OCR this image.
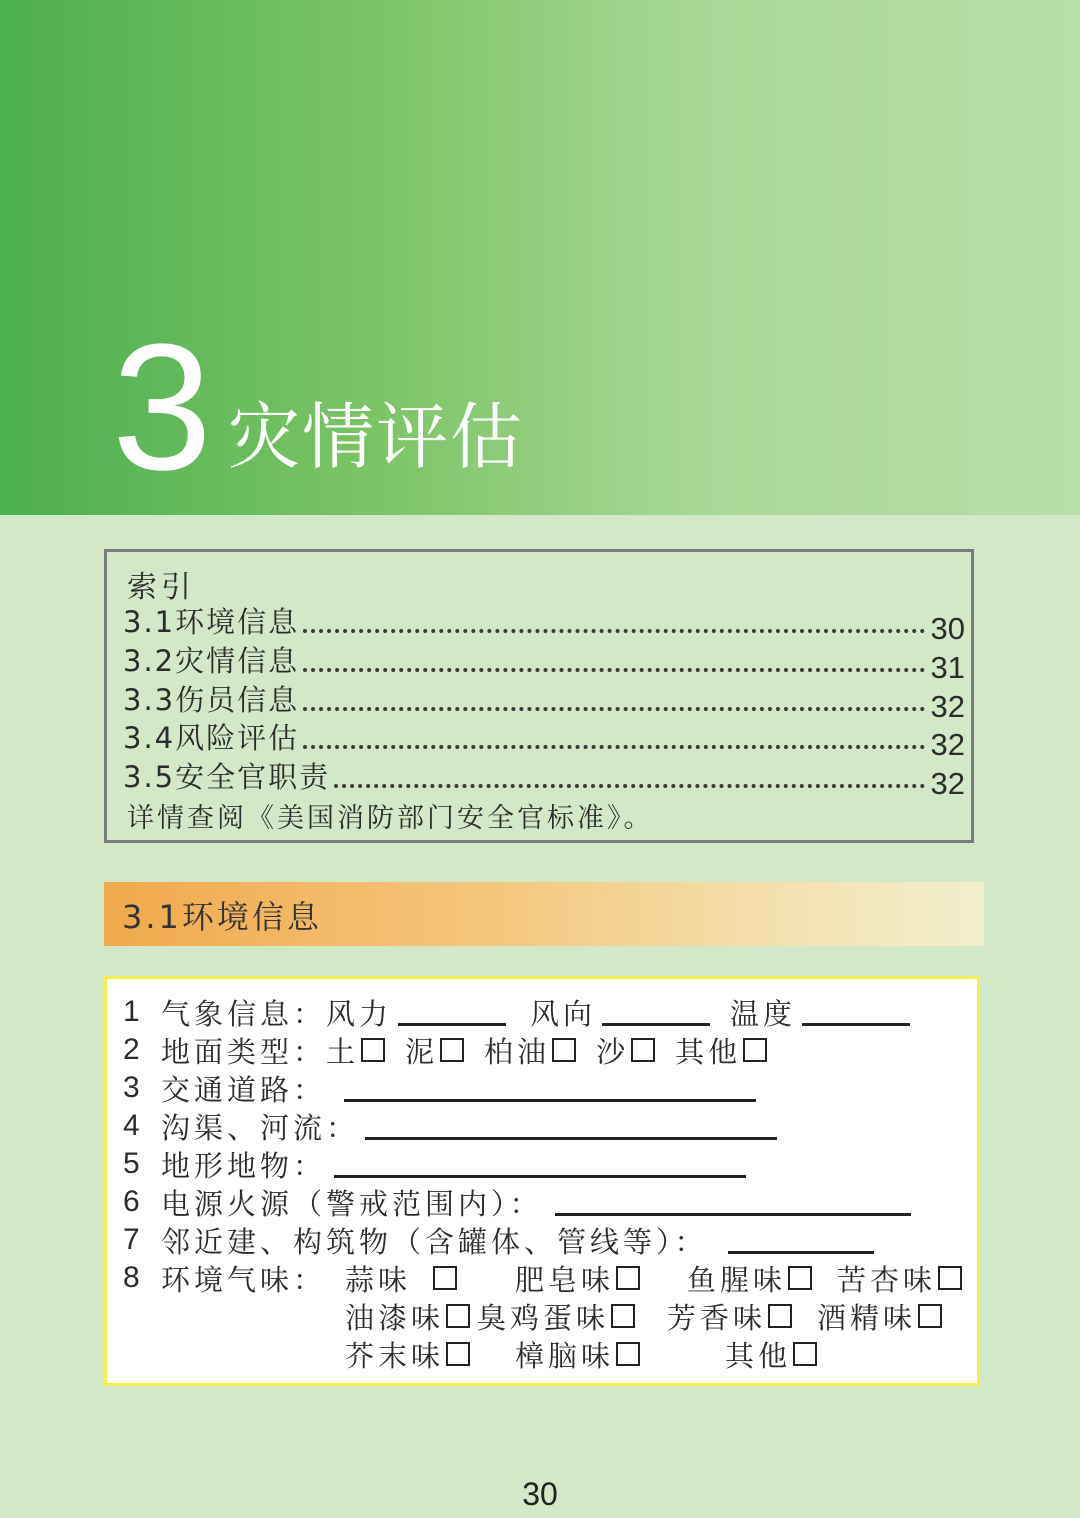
3 灾情评估
索引
3.1环境信息	30
3.2灾情信息	31
3.3伤员信息	32
3.4风险评估	32
3.5安全官职责	32
详情查阅《美国消防部门安全官标准》。
3.1环境信息
1 气象信息： 风力	风向	温度
2 地面类型： 土 泥 柏油 沙 其他
3 交通道路：
4 沟渠、河流：
5 地形地物：
6 电源火源（警戒范围内）：
7 邻近建、构筑物（含罐体、管线等）：
8 环境气味： 蒜味	肥皂味	鱼腥味 苦杏味
油漆味 臭鸡蛋味 芳香味 酒精味
芥末味 樟脑味	其他
30
